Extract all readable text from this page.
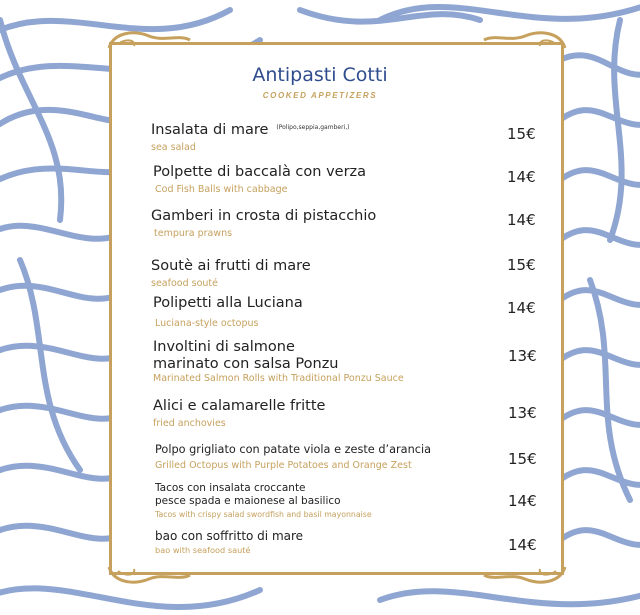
Antipasti Cotti
COOKED APPETIZERS
Insalata di mare $^{(Polipo,seppia,gamberi,)}$
sea salad
15€
Polpette di baccalà con verza
Cod Fish Balls with cabbage
14€
Gamberi in crosta di pistacchio
tempura prawns
14€
Soutè ai frutti di mare
seafood souté
15€
Polipetti alla Luciana
Luciana-style octopus
14€
Involtini di salmone
marinato con salsa Ponzu
Marinated Salmon Rolls with Traditional Ponzu Sauce
13€
Alici e calamarelle fritte
fried anchovies
13€
Polpo grigliato con patate viola e zeste d’arancia
Grilled Octopus with Purple Potatoes and Orange Zest	15€
Tacos con insalata croccante
pesce spada e maionese al basilico
Tacos with crispy salad swordfish and basil mayonnaise
14€
bao con soffritto di mare
bao with seafood sauté	14€
